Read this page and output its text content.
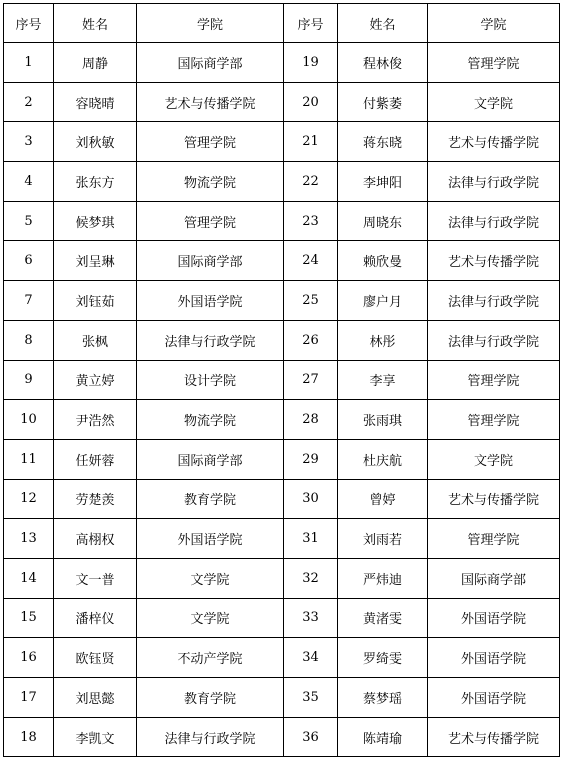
序号	姓名	学院	序号	姓名	学院
1	周静	国际商学部	19	程林俊	管理学院
2	容晓晴	艺术与传播学院	20	付紫萎	文学院
3	刘秋敏	管理学院	21	蒋东晓	艺术与传播学院
4	张东方	物流学院	22	李坤阳	法律与行政学院
5	候梦琪	管理学院	23	周晓东	法律与行政学院
6	刘呈琳	国际商学部	24	赖欣曼	艺术与传播学院
7	刘钰茹	外国语学院	25	廖户月	法律与行政学院
8	张枫	法律与行政学院	26	林彤	法律与行政学院
9	黄立婷	设计学院	27	李享	管理学院
10	尹浩然	物流学院	28	张雨琪	管理学院
11	任妍蓉	国际商学部	29	杜庆航	文学院
12	劳楚羡	教育学院	30	曾婷	艺术与传播学院
13	高栩权	外国语学院	31	刘雨若	管理学院
14	文一普	文学院	32	严炜迪	国际商学部
15	潘梓仪	文学院	33	黄渚雯	外国语学院
16	欧钰贤	不动产学院	34	罗绮雯	外国语学院
17	刘思懿	教育学院	35	蔡梦瑶	外国语学院
18	李凯文	法律与行政学院	36	陈靖瑜	艺术与传播学院
